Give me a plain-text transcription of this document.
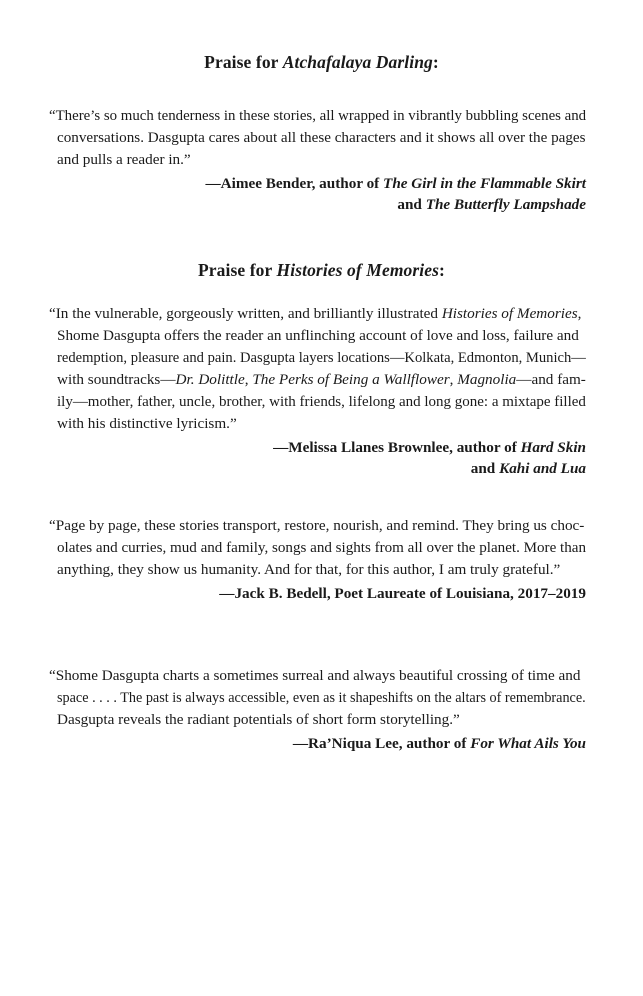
Praise for Atchafalaya Darling:
“There’s so much tenderness in these stories, all wrapped in vibrantly bubbling scenes and
conversations. Dasgupta cares about all these characters and it shows all over the pages
and pulls a reader in.”
—Aimee Bender, author of The Girl in the Flammable Skirt
and The Butterfly Lampshade
Praise for Histories of Memories:
“In the vulnerable, gorgeously written, and brilliantly illustrated Histories of Memories,
Shome Dasgupta offers the reader an unflinching account of love and loss, failure and
redemption, pleasure and pain. Dasgupta layers locations—Kolkata, Edmonton, Munich—
with soundtracks—Dr. Dolittle, The Perks of Being a Wallflower, Magnolia—and fam-
ily—mother, father, uncle, brother, with friends, lifelong and long gone: a mixtape filled
with his distinctive lyricism.”
—Melissa Llanes Brownlee, author of Hard Skin
and Kahi and Lua
“Page by page, these stories transport, restore, nourish, and remind. They bring us choc-
olates and curries, mud and family, songs and sights from all over the planet. More than
anything, they show us humanity. And for that, for this author, I am truly grateful.”
—Jack B. Bedell, Poet Laureate of Louisiana, 2017–2019
“Shome Dasgupta charts a sometimes surreal and always beautiful crossing of time and
space . . . . The past is always accessible, even as it shapeshifts on the altars of remembrance.
Dasgupta reveals the radiant potentials of short form storytelling.”
—Ra’Niqua Lee, author of For What Ails You
